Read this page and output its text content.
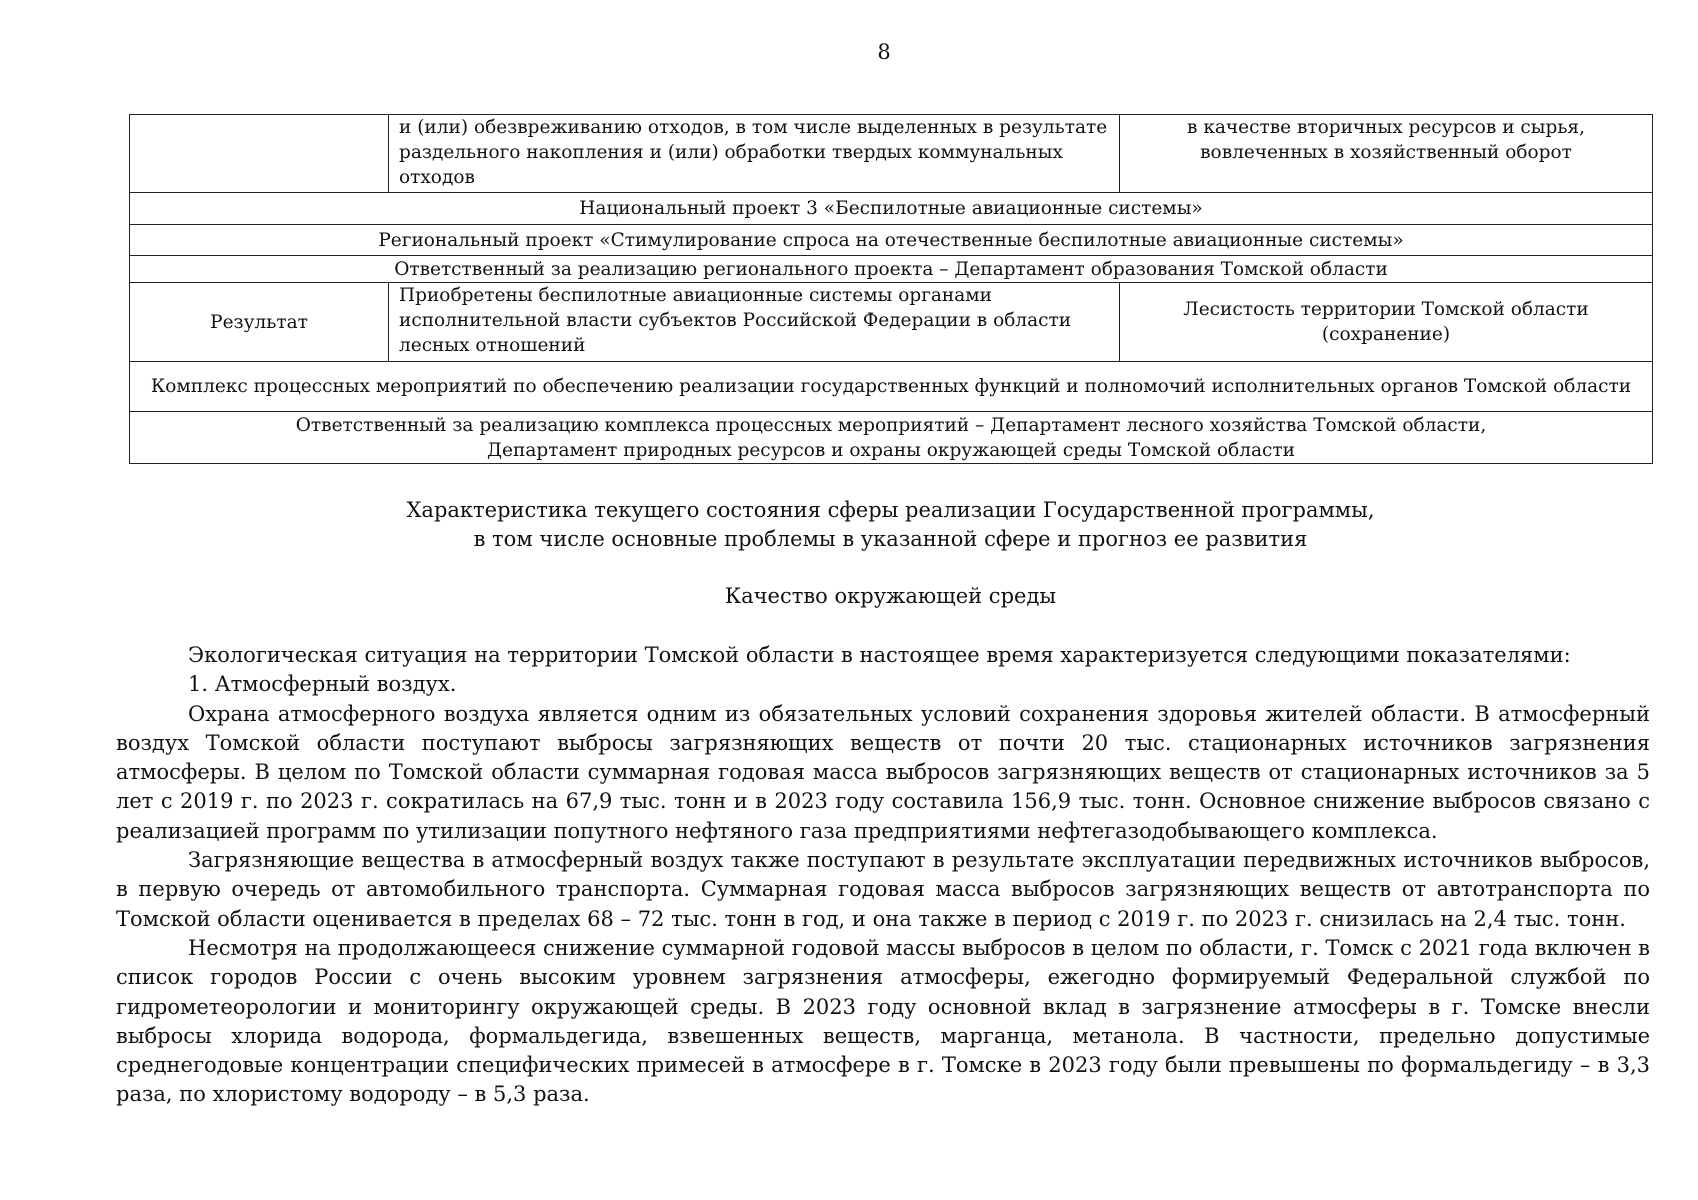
8
	и (или) обезвреживанию отходов, в том числе выделенных в результате раздельного накопления и (или) обработки твердых коммунальных отходов	в качестве вторичных ресурсов и сырья, вовлеченных в хозяйственный оборот
Национальный проект 3 «Беспилотные авиационные системы»		
Региональный проект «Стимулирование спроса на отечественные беспилотные авиационные системы»		
Ответственный за реализацию регионального проекта – Департамент образования Томской области		
Результат	Приобретены беспилотные авиационные системы органами исполнительной власти субъектов Российской Федерации в области лесных отношений	Лесистость территории Томской области (сохранение)
Комплекс процессных мероприятий по обеспечению реализации государственных функций и полномочий исполнительных органов Томской области		

Ответственный за реализацию комплекса процессных мероприятий – Департамент лесного хозяйства Томской области,
Департамент природных ресурсов и охраны окружающей среды Томской области		
Характеристика текущего состояния сферы реализации Государственной программы,
в том числе основные проблемы в указанной сфере и прогноз ее развития
Качество окружающей среды

Экологическая ситуация на территории Томской области в настоящее время характеризуется следующими показателями:

1. Атмосферный воздух.

Охрана атмосферного воздуха является одним из обязательных условий сохранения здоровья жителей области. В атмосферный воздух Томской области поступают выбросы загрязняющих веществ от почти 20 тыс. стационарных источников загрязнения атмосферы. В целом по Томской области суммарная годовая масса выбросов загрязняющих веществ от стационарных источников за 5 лет с 2019 г. по 2023 г. сократилась на 67,9 тыс. тонн и в 2023 году составила 156,9 тыс. тонн. Основное снижение выбросов связано с реализацией программ по утилизации попутного нефтяного газа предприятиями нефтегазодобывающего комплекса.

Загрязняющие вещества в атмосферный воздух также поступают в результате эксплуатации передвижных источников выбросов, в первую очередь от автомобильного транспорта. Суммарная годовая масса выбросов загрязняющих веществ от автотранспорта по Томской области оценивается в пределах 68 – 72 тыс. тонн в год, и она также в период с 2019 г. по 2023 г. снизилась на 2,4 тыс. тонн.

Несмотря на продолжающееся снижение суммарной годовой массы выбросов в целом по области, г. Томск с 2021 года включен в список городов России с очень высоким уровнем загрязнения атмосферы, ежегодно формируемый Федеральной службой по гидрометеорологии и мониторингу окружающей среды. В 2023 году основной вклад в загрязнение атмосферы в г. Томске внесли выбросы хлорида водорода, формальдегида, взвешенных веществ, марганца, метанола. В частности, предельно допустимые среднегодовые концентрации специфических примесей в атмосфере в г. Томске в 2023 году были превышены по формальдегиду – в 3,3 раза, по хлористому водороду – в 5,3 раза.
